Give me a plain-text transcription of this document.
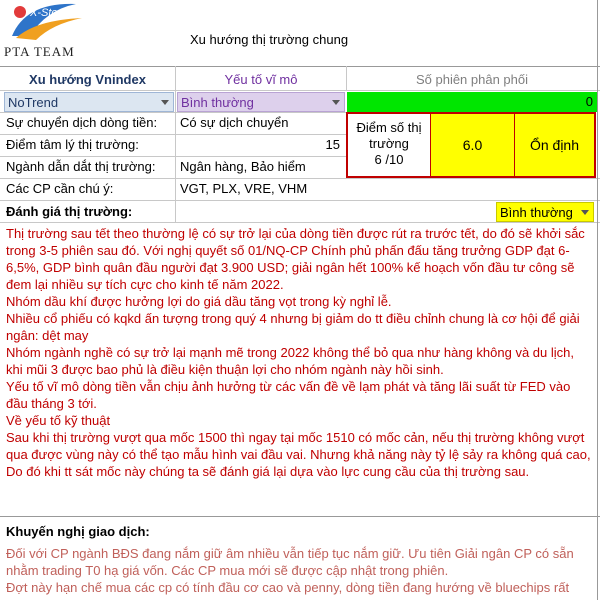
X-Stock
PTA TEAM
Xu hướng thị trường chung
Xu hướng Vnindex	Yếu tố vĩ mô	Số phiên phân phối
NoTrend	Bình thường	0
Sự chuyển dịch dòng tiền:	Có sự dịch chuyển
Điểm tâm lý thị trường:	15
Ngành dẫn dắt thị trường:	Ngân hàng, Bảo hiểm
Các CP cần chú ý:	VGT, PLX, VRE, VHM
Điểm số thị
trường
6 /10
6.0	Ổn định
Đánh giá thị trường:	Bình thường
Thị trường sau tết theo thường lệ có sự trở lại của dòng tiền được rút ra trước tết, do đó sẽ khởi sắc trong 3-5 phiên sau đó. Với nghị quyết số 01/NQ-CP Chính phủ phấn đấu tăng trưởng GDP đạt 6-6,5%, GDP bình quân đầu người đạt 3.900 USD; giải ngân hết 100% kế hoạch vốn đầu tư công sẽ đem lại nhiều sự tích cực cho kinh tế năm 2022.
Nhóm dầu khí được hưởng lợi do giá dầu tăng vọt trong kỳ nghỉ lễ.
Nhiều cổ phiếu có kqkd ấn tượng trong quý 4 nhưng bị giảm do tt điều chỉnh chung là cơ hội để giải ngân: dệt may
Nhóm ngành nghề có sự trở lại mạnh mẽ trong 2022 không thể bỏ qua như hàng không và du lịch, khi mũi 3 được bao phủ là điều kiện thuận lợi cho nhóm ngành này hồi sinh.
Yếu tố vĩ mô dòng tiền vẫn chịu ảnh hưởng từ các vấn đề về lạm phát và tăng lãi suất từ FED vào đầu tháng 3 tới.
Về yếu tố kỹ thuật
Sau khi thị trường vượt qua mốc 1500 thì ngay tại mốc 1510 có mốc cản, nếu thị trường không vượt qua được vùng này có thể tạo mẫu hình vai đầu vai. Nhưng khả năng này tỷ lệ sảy ra không quá cao, Do đó khi tt sát mốc này chúng ta sẽ đánh giá lại dựa vào lực cung cầu của thị trường sau.
Khuyến nghị giao dịch:
Đối với CP ngành BĐS đang nắm giữ âm nhiều vẫn tiếp tục nắm giữ. Ưu tiên Giải ngân CP có sẵn nhằm trading T0 hạ giá vốn. Các CP mua mới sẽ được cập nhật trong phiên.
Đợt này hạn chế mua các cp có tính đầu cơ cao và penny, dòng tiền đang hướng về bluechips rất
